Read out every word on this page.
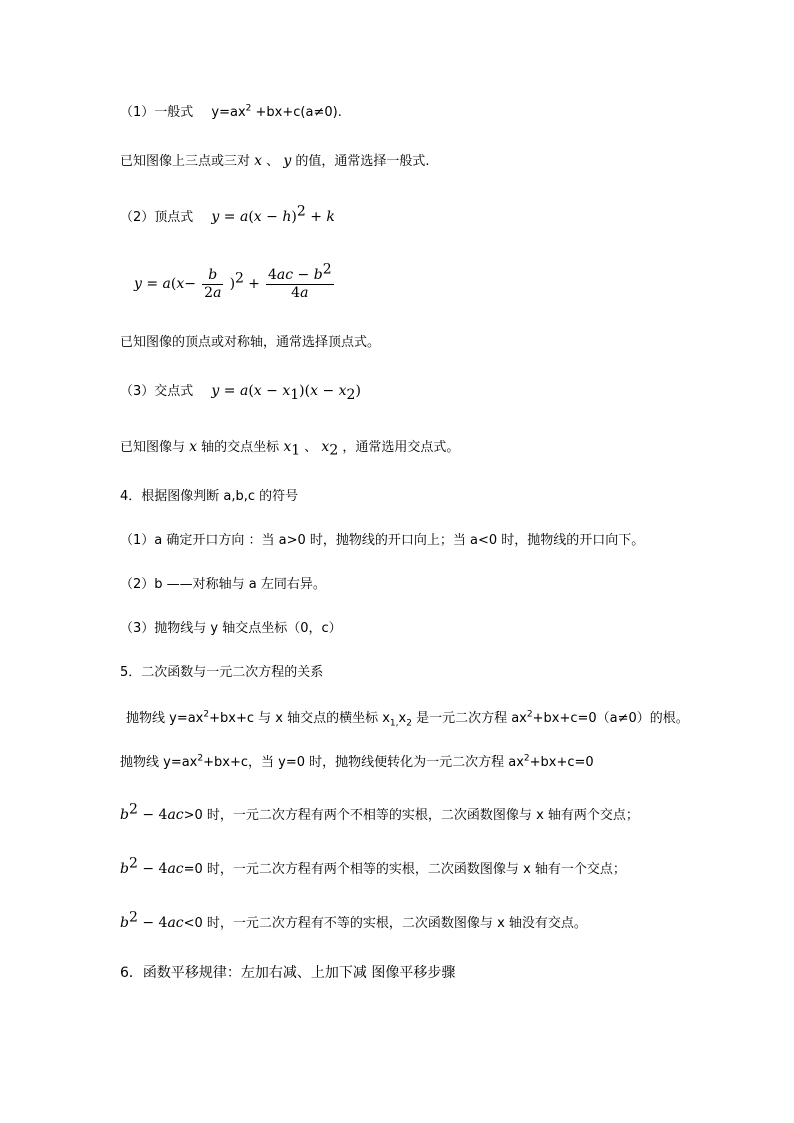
（1）一般式 $y=ax^2 +bx+c(a\ne 0)$.
已知图像上三点或三对 x 、 y 的值，通常选择一般式.
（2）顶点式 $y = a(x - h)^2 + k$
$y = a(x- \frac{b}{2a} )^2 + \frac{4ac - b^2}{4a}$
已知图像的顶点或对称轴，通常选择顶点式。
（3）交点式 $y = a(x - x_1)(x - x_2)$
已知图像与 x 轴的交点坐标 $x_1$ 、 $x_2$ ，通常选用交点式。
4．根据图像判断 a,b,c 的符号
（1）a 确定开口方向 ：当 a>0 时，抛物线的开口向上；当 a<0 时，抛物线的开口向下。
（2）b ——对称轴与 a 左同右异。
（3）抛物线与 y 轴交点坐标（0，c）
5．二次函数与一元二次方程的关系
抛物线 $y=ax^2+bx+c$ 与 x 轴交点的横坐标 $x_{1,}x_2$ 是一元二次方程 $ax^2+bx+c=0(a\ne 0)$的根。
抛物线 $y=ax^2+bx+c$，当 y=0 时，抛物线便转化为一元二次方程 $ax^2+bx+c=0$
$b^2 - 4ac>0$ 时，一元二次方程有两个不相等的实根，二次函数图像与 x 轴有两个交点；
$b^2 - 4ac=0$ 时，一元二次方程有两个相等的实根，二次函数图像与 x 轴有一个交点；
$b^2 - 4ac<0$ 时，一元二次方程有不等的实根，二次函数图像与 x 轴没有交点。
6．函数平移规律：左加右减、上加下减 图像平移步骤
